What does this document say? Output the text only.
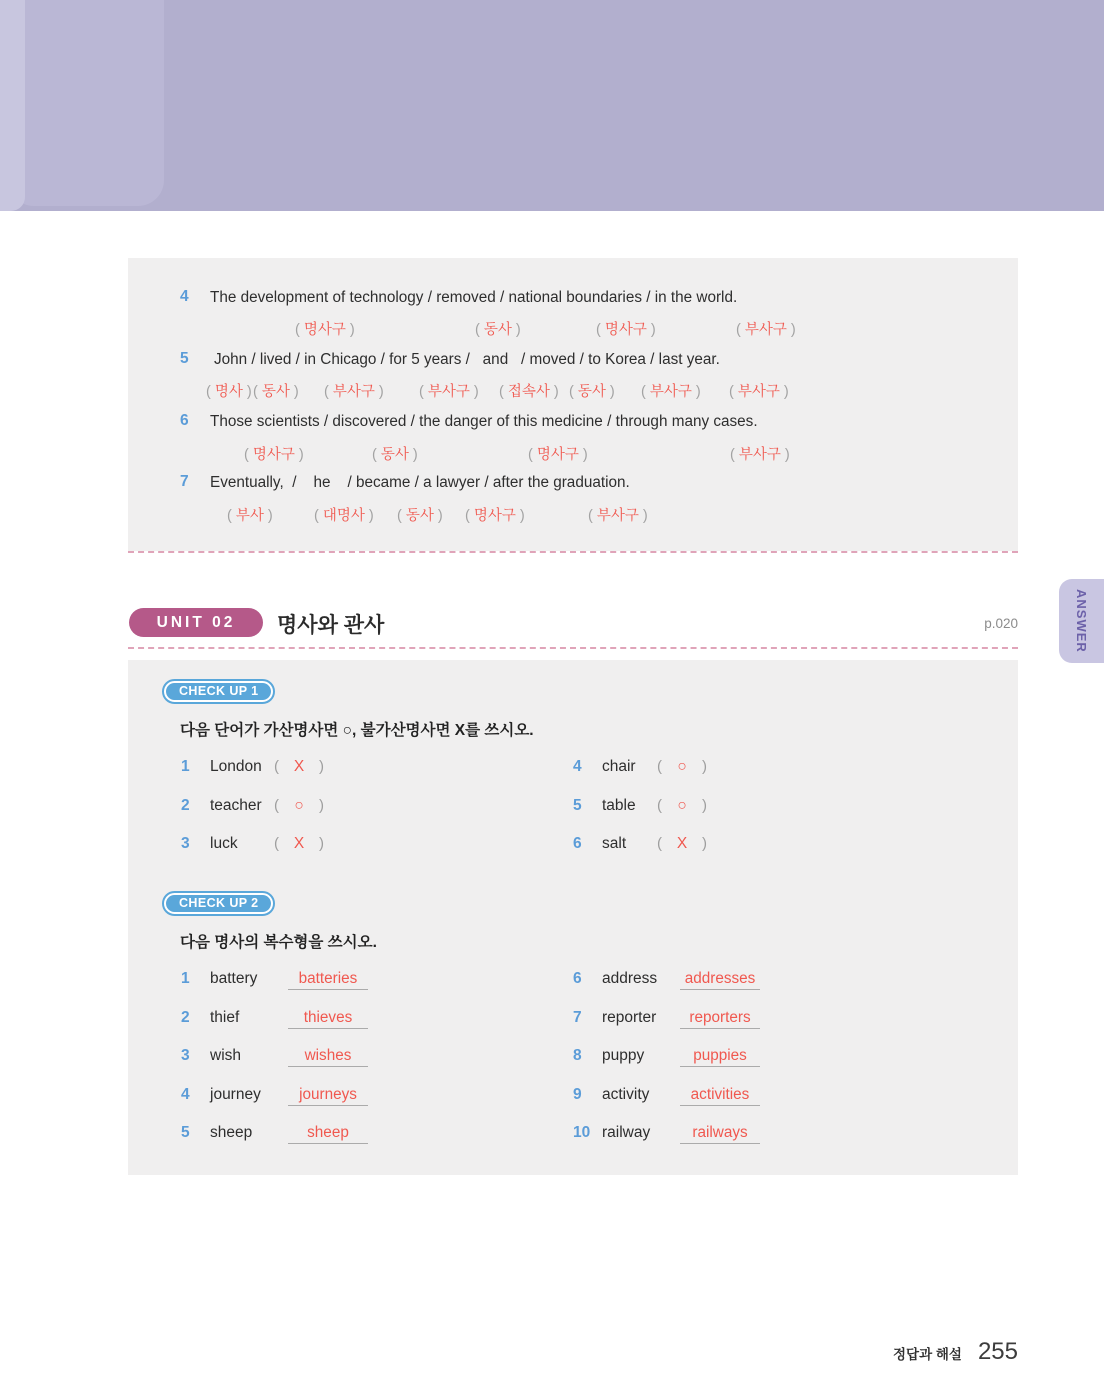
ANSWER
4 The development of technology / removed / national boundaries / in the world.
( 명사구 )	( 동사 )	( 명사구 )	( 부사구 )
5 John / lived / in Chicago / for 5 years /   and   / moved / to Korea / last year.
( 명사 )	( 동사 )	( 부사구 )	( 부사구 )	( 접속사 )	( 동사 )	( 부사구 )	( 부사구 )
6 Those scientists / discovered / the danger of this medicine / through many cases.
( 명사구 )	( 동사 )	( 명사구 )	( 부사구 )
7 Eventually,  /    he    / became / a lawyer / after the graduation.
( 부사 )	( 대명사 )	( 동사 )	( 명사구 )	( 부사구 )
UNIT 02 명사와 관사	p.020
CHECK UP 1
다음 단어가 가산명사면 ○, 불가산명사면 X를 쓰시오.
1	London	( X
)
2	teacher	( ○
)
3	luck	( X
)
4	chair	( ○
)
5	table	( ○
)
6	salt	( X
)
CHECK UP 2
다음 명사의 복수형을 쓰시오.
1	battery	batteries
2	thief	thieves
3	wish	wishes
4	journey	journeys
5	sheep	sheep
6	address	addresses
7	reporter	reporters
8	puppy	puppies
9	activity	activities
10 railway	railways
정답과 해설 255
